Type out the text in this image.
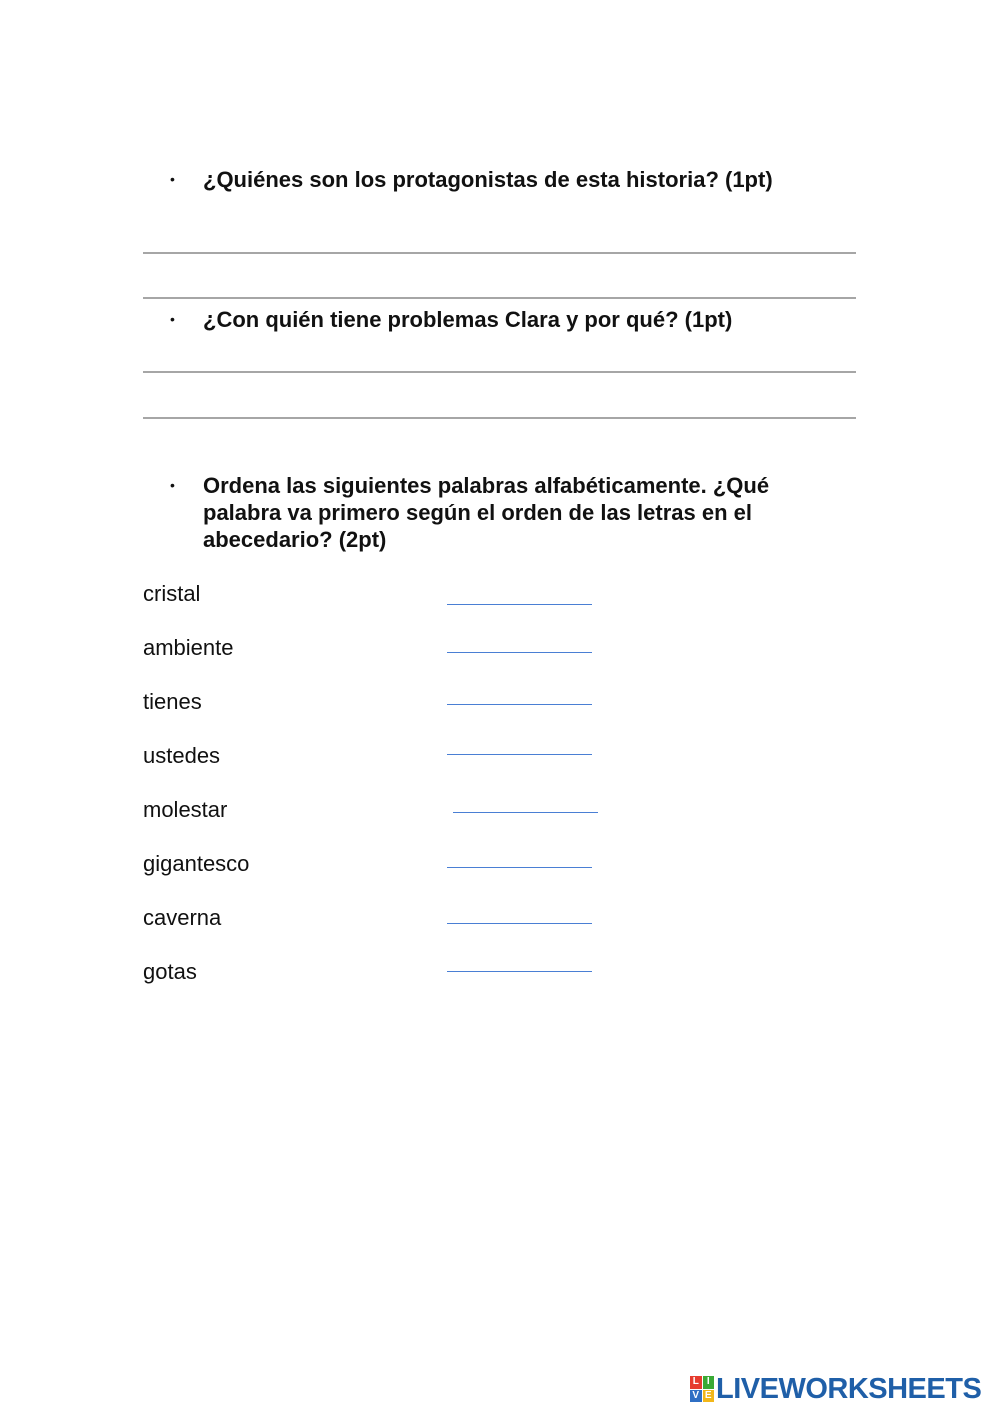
• ¿Quiénes son los protagonistas de esta historia? (1pt)
• ¿Con quién tiene problemas Clara y por qué? (1pt)
• Ordena las siguientes palabras alfabéticamente. ¿Qué palabra va primero según el orden de las letras en el abecedario? (2pt)
cristal
ambiente
tienes
ustedes
molestar
gigantesco
caverna
gotas
L I
V E LIVEWORKSHEETS
